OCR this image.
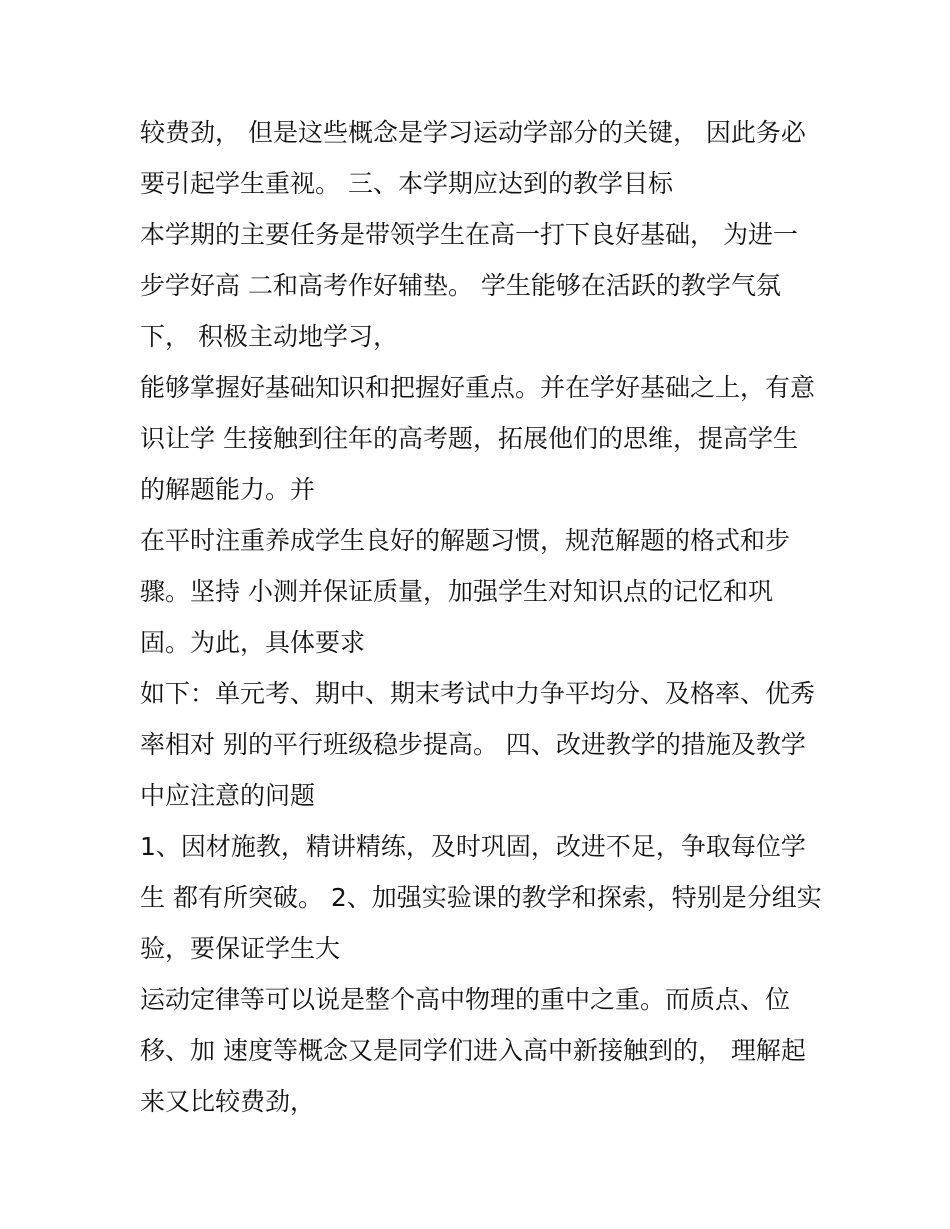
较费劲， 但是这些概念是学习运动学部分的关键， 因此务必
要引起学生重视。 三、本学期应达到的教学目标
本学期的主要任务是带领学生在高一打下良好基础， 为进一
步学好高 二和高考作好辅垫。 学生能够在活跃的教学气氛
下， 积极主动地学习，
能够掌握好基础知识和把握好重点。并在学好基础之上，有意
识让学 生接触到往年的高考题，拓展他们的思维，提高学生
的解题能力。并
在平时注重养成学生良好的解题习惯，规范解题的格式和步
骤。坚持 小测并保证质量，加强学生对知识点的记忆和巩
固。为此，具体要求
如下：单元考、期中、期末考试中力争平均分、及格率、优秀
率相对 别的平行班级稳步提高。 四、改进教学的措施及教学
中应注意的问题
1、因材施教，精讲精练，及时巩固，改进不足，争取每位学
生 都有所突破。 2、加强实验课的教学和探索，特别是分组实
验，要保证学生大
运动定律等可以说是整个高中物理的重中之重。而质点、位
移、加 速度等概念又是同学们进入高中新接触到的， 理解起
来又比较费劲，
